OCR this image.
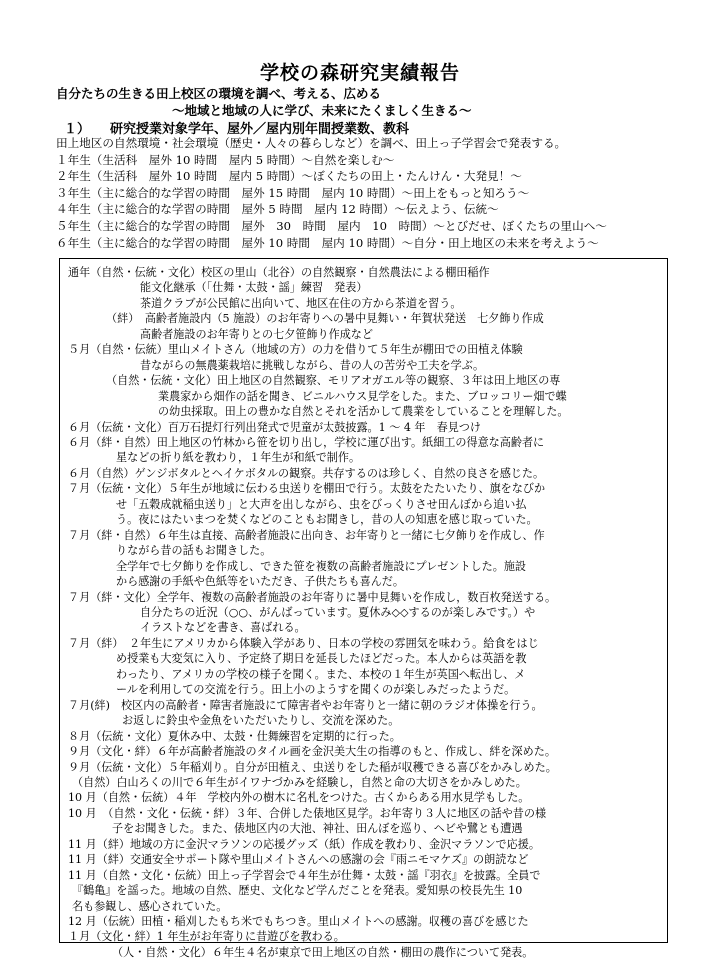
学校の森研究実績報告
自分たちの生きる田上校区の環境を調べ、考える、広める
～地域と地域の人に学び、未来にたくましく生きる～
１） 研究授業対象学年、屋外／屋内別年間授業数、教科
田上地区の自然環境・社会環境（歴史・人々の暮らしなど）を調べ、田上っ子学習会で発表する。
１年生（生活科　屋外 10 時間　屋内 5 時間）～自然を楽しむ～
２年生（生活科　屋外 10 時間　屋内 5 時間）～ぼくたちの田上・たんけん・大発見！～
３年生（主に総合的な学習の時間　屋外 15 時間　屋内 10 時間）～田上をもっと知ろう～
４年生（主に総合的な学習の時間　屋外 5 時間　屋内 12 時間）～伝えよう、伝統～
５年生（主に総合的な学習の時間　屋外　30　時間　屋内　10　時間）～とびだせ、ぼくたちの里山へ～
６年生（主に総合的な学習の時間　屋外 10 時間　屋内 10 時間）～自分・田上地区の未来を考えよう～
通年（自然・伝統・文化）校区の里山（北谷）の自然観察・自然農法による棚田稲作
能文化継承（「仕舞・太鼓・謡」練習　発表）
茶道クラブが公民館に出向いて、地区在住の方から茶道を習う。
（絆）　高齢者施設内（5 施設）のお年寄りへの暑中見舞い・年賀状発送　七夕飾り作成
高齢者施設のお年寄りとの七夕笹飾り作成など
５月（自然・伝統）里山メイトさん（地域の方）の力を借りて５年生が棚田での田植え体験
昔ながらの無農薬栽培に挑戦しながら、昔の人の苦労や工夫を学ぶ。
（自然・伝統・文化）田上地区の自然観察、モリアオガエル等の観察、３年は田上地区の専
業農家から畑作の話を聞き、ビニルハウス見学をした。また、ブロッコリー畑で蝶
の幼虫採取。田上の豊かな自然とそれを活かして農業をしていることを理解した。
６月（伝統・文化）百万石提灯行列出発式で児童が太鼓披露。1 ～ 4 年　春見つけ
６月（絆・自然）田上地区の竹林から笹を切り出し，学校に運び出す。紙細工の得意な高齢者に
星などの折り紙を教わり，１年生が和紙で制作。
６月（自然）ゲンジボタルとヘイケボタルの観察。共存するのは珍しく、自然の良さを感じた。
７月（伝統・文化）５年生が地域に伝わる虫送りを棚田で行う。太鼓をたたいたり、旗をなびか
せ「五穀成就稲虫送り」と大声を出しながら、虫をびっくりさせ田んぼから追い払
う。夜にはたいまつを焚くなどのこともお聞きし，昔の人の知恵を感じ取っていた。
７月（絆・自然）６年生は直接、高齢者施設に出向き、お年寄りと一緒に七夕飾りを作成し、作
りながら昔の話もお聞きした。
全学年で七夕飾りを作成し、できた笹を複数の高齢者施設にプレゼントした。施設
から感謝の手紙や色紙等をいただき、子供たちも喜んだ。
７月（絆・文化）全学年、複数の高齢者施設のお年寄りに暑中見舞いを作成し，数百枚発送する。
自分たちの近況（○○、がんばっています。夏休み◇◇するのが楽しみです。）や
イラストなどを書き、喜ばれる。
７月（絆）　２年生にアメリカから体験入学があり、日本の学校の雰囲気を味わう。給食をはじ
め授業も大変気に入り、予定終了期日を延長したほどだった。本人からは英語を教
わったり、アメリカの学校の様子を聞く。また、本校の１年生が英国へ転出し、メ
ールを利用しての交流を行う。田上小のようすを聞くのが楽しみだったようだ。
７月(絆)　校区内の高齢者・障害者施設にて障害者やお年寄りと一緒に朝のラジオ体操を行う。
お返しに鈴虫や金魚をいただいたりし、交流を深めた。
８月（伝統・文化）夏休み中、太鼓・仕舞練習を定期的に行った。
９月（文化・絆）６年が高齢者施設のタイル画を金沢美大生の指導のもと、作成し、絆を深めた。
９月（伝統・文化）５年稲刈り。自分が田植え、虫送りをした稲が収穫できる喜びをかみしめた。
（自然）白山ろくの川で６年生がイワナづかみを経験し，自然と命の大切さをかみしめた。
10 月（自然・伝統）４年　学校内外の樹木に名札をつけた。古くからある用水見学もした。
10 月　（自然・文化・伝統・絆）３年、合併した俵地区見学。お年寄り３人に地区の話や昔の様
子をお聞きした。また、俵地区内の大池、神社、田んぼを巡り、ヘビや鷺とも遭遇
11 月（絆）地域の方に金沢マラソンの応援グッズ（紙）作成を教わり、金沢マラソンで応援。
11 月（絆）交通安全サポート隊や里山メイトさんへの感謝の会『雨ニモマケズ』の朗読など
11 月（自然・文化・伝統）田上っ子学習会で４年生が仕舞・太鼓・謡『羽衣』を披露。全員で
『鶴亀』を謡った。地域の自然、歴史、文化など学んだことを発表。愛知県の校長先生 10
名も参観し、感心されていた。
12 月（伝統）田植・稲刈したもち米でもちつき。里山メイトへの感謝。収穫の喜びを感じた
１月（文化・絆）1 年生がお年寄りに昔遊びを教わる。
（人・自然・文化）６年生４名が東京で田上地区の自然・棚田の農作について発表。
